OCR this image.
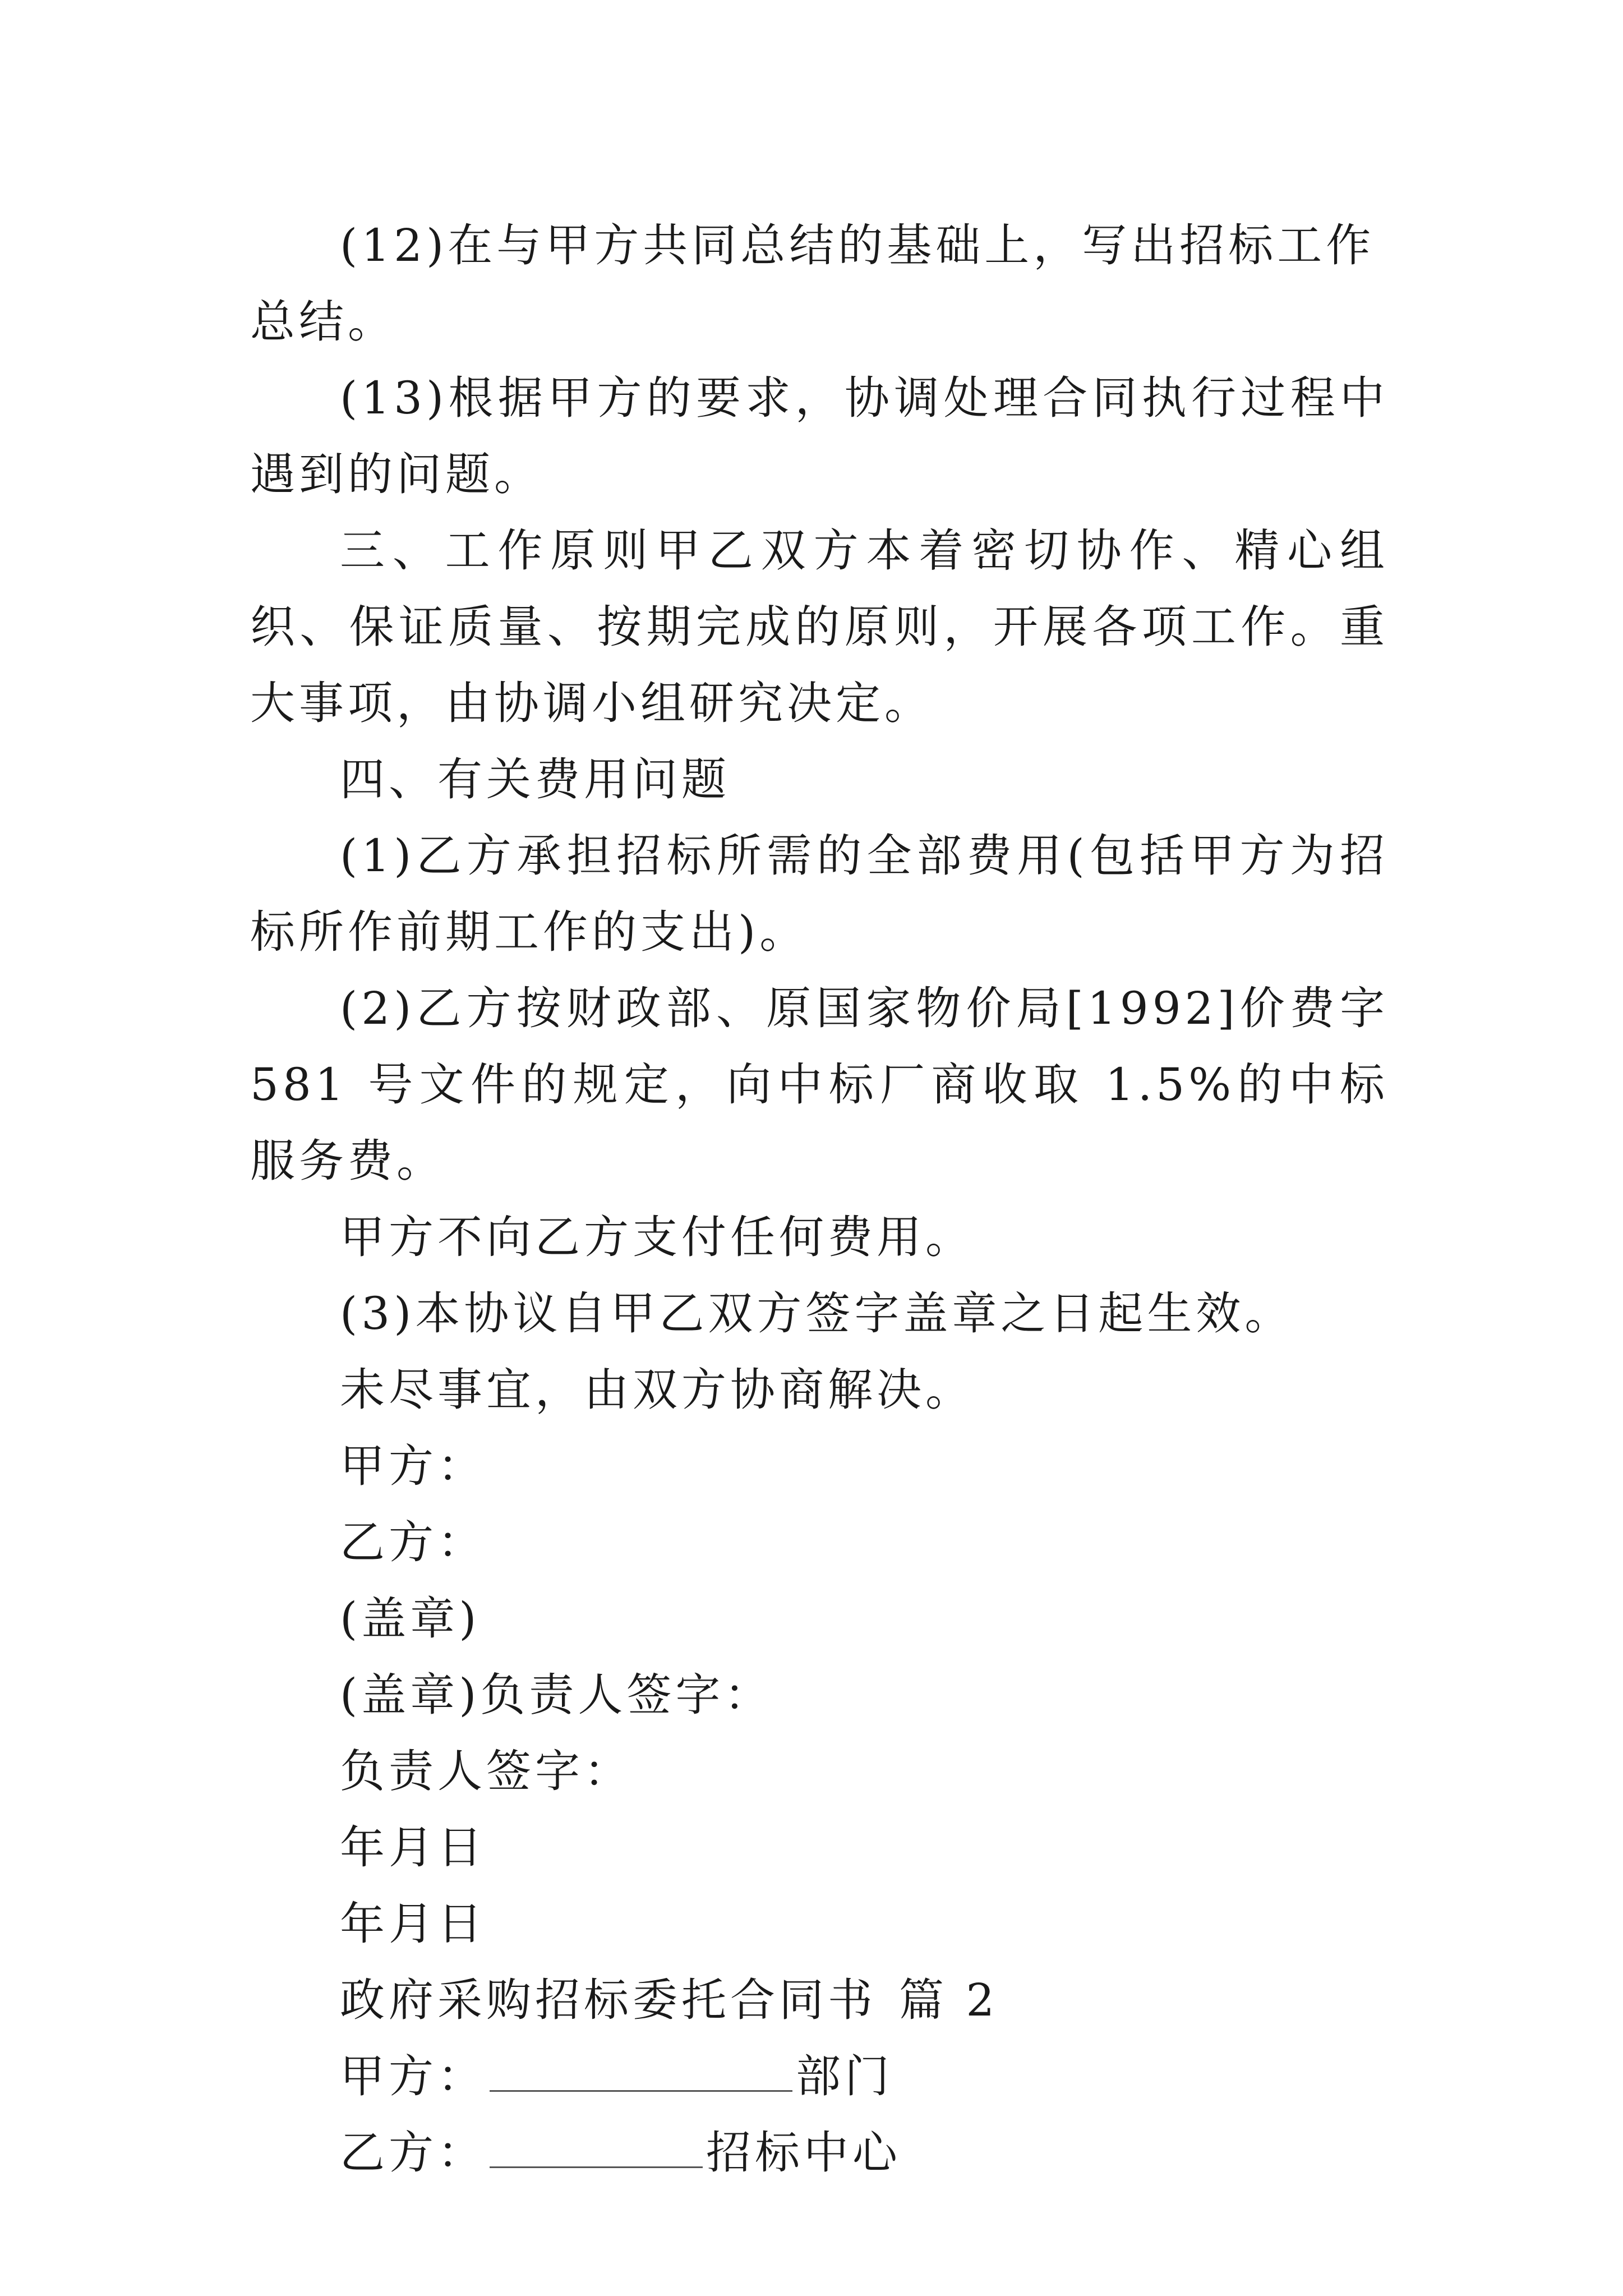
(12)在与甲方共同总结的基础上，写出招标工作总结。

(13)根据甲方的要求，协调处理合同执行过程中遇到的问题。

三、工作原则甲乙双方本着密切协作、精心组织、保证质量、按期完成的原则，开展各项工作。重大事项，由协调小组研究决定。

四、有关费用问题

(1)乙方承担招标所需的全部费用(包括甲方为招标所作前期工作的支出)。

(2)乙方按财政部、原国家物价局[1992]价费字 581 号文件的规定，向中标厂商收取 1.5%的中标服务费。

甲方不向乙方支付任何费用。

(3)本协议自甲乙双方签字盖章之日起生效。

未尽事宜，由双方协商解决。

甲方：

乙方：

(盖章)

(盖章)负责人签字：

负责人签字：

年月日

年月日

政府采购招标委托合同书 篇 2

甲方：	部门

乙方：	招标中心
